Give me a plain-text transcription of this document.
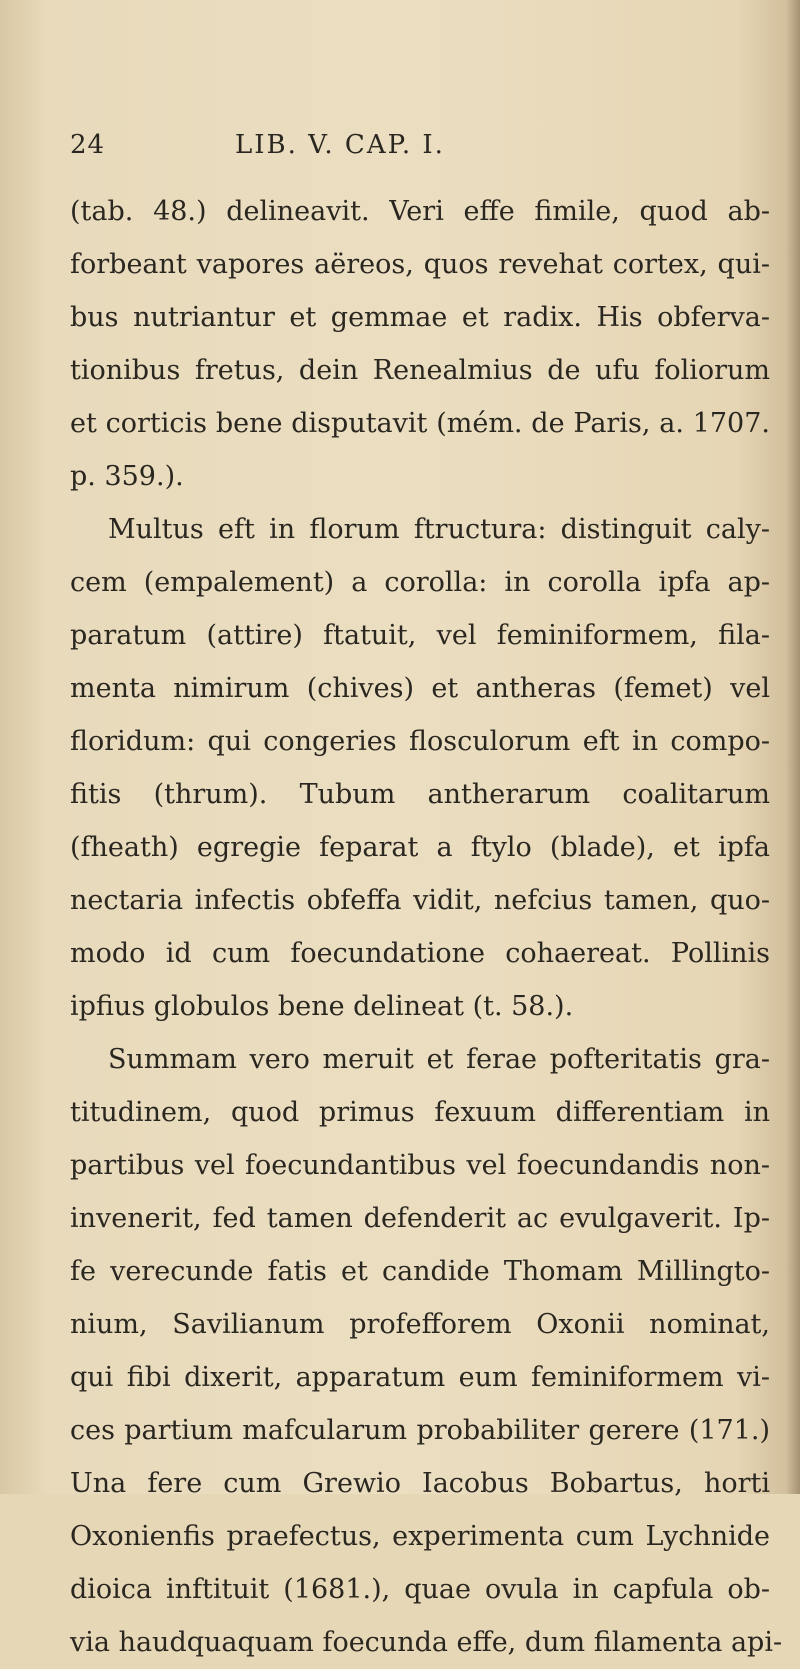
24	LIB. V. CAP. I.
(tab. 48.) delineavit. Veri effe fimile, quod ab-
forbeant vapores aëreos, quos revehat cortex, qui-
bus nutriantur et gemmae et radix. His obferva-
tionibus fretus, dein Renealmius de ufu foliorum
et corticis bene disputavit (mém. de Paris, a. 1707.
p. 359.).
Multus eft in florum ftructura: distinguit caly-
cem (empalement) a corolla: in corolla ipfa ap-
paratum (attire) ftatuit, vel feminiformem, fila-
menta nimirum (chives) et antheras (femet) vel
floridum: qui congeries flosculorum eft in compo-
fitis (thrum). Tubum antherarum coalitarum
(fheath) egregie feparat a ftylo (blade), et ipfa
nectaria infectis obfeffa vidit, nefcius tamen, quo-
modo id cum foecundatione cohaereat. Pollinis
ipfius globulos bene delineat (t. 58.).
Summam vero meruit et ferae pofteritatis gra-
titudinem, quod primus fexuum differentiam in
partibus vel foecundantibus vel foecundandis non-
invenerit, fed tamen defenderit ac evulgaverit. Ip-
fe verecunde fatis et candide Thomam Millingto-
nium, Savilianum profefforem Oxonii nominat,
qui fibi dixerit, apparatum eum feminiformem vi-
ces partium mafcularum probabiliter gerere (171.)
Una fere cum Grewio Iacobus Bobartus, horti
Oxonienfis praefectus, experimenta cum Lychnide
dioica inftituit (1681.), quae ovula in capfula ob-
via haudquaquam foecunda effe, dum filamenta api-
